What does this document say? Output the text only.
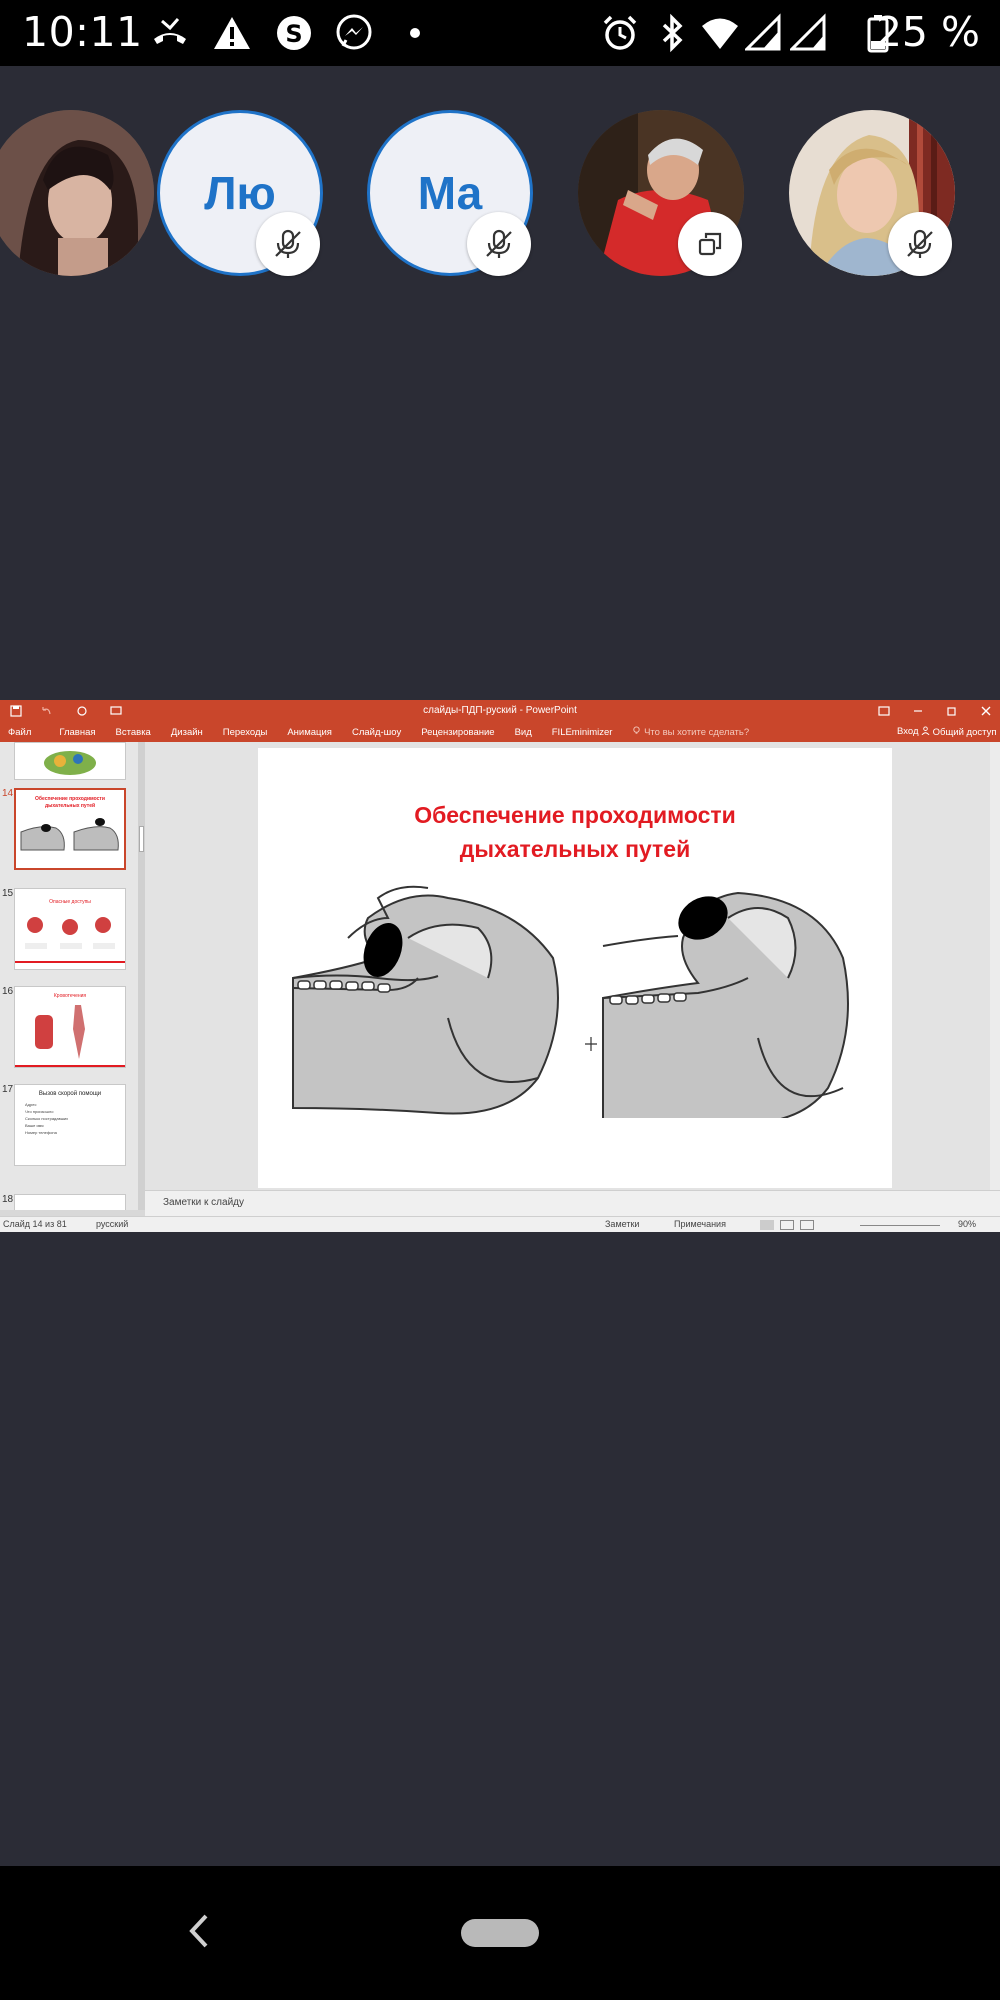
10:11	S	25 %
Лю	Ма
слайды-ПДП-руский - PowerPoint
Файл	Главная Вставка Дизайн Переходы Анимация Слайд-шоу Рецензирование Вид FILEminimizer	Что вы хотите сделать?	Вход	Общий доступ
14	Обеспечение проходимости дыхательных путей
15
Опасные доступы
16	Кровотечения
17	Вызов скорой помощи
Адрес
Что произошло
Сколько пострадавших
Ваше имя
Номер телефона
18
Обеспечение проходимости
дыхательных путей
Заметки к слайду
Слайд 14 из 81	русский	Заметки	Примечания	90%
